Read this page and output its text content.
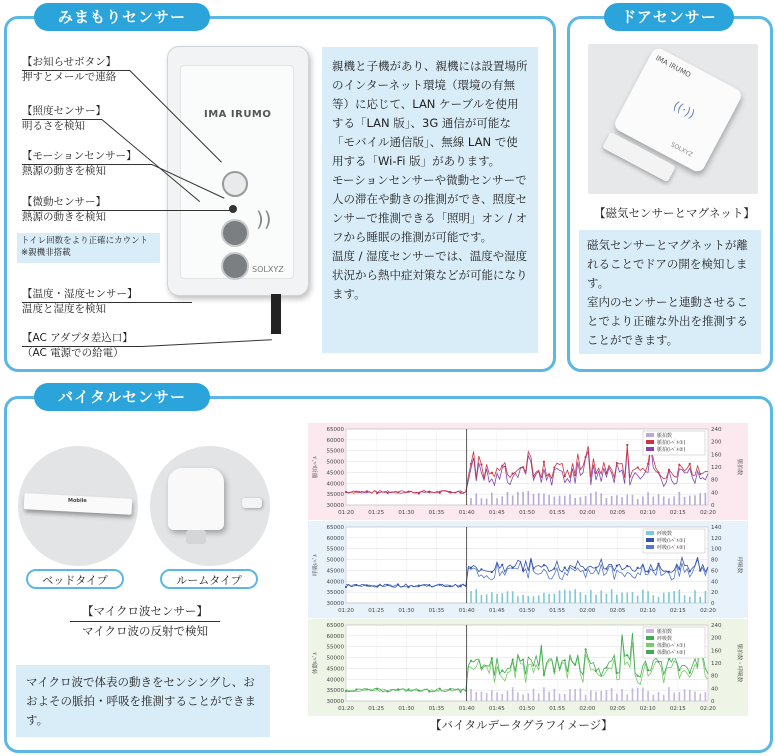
みまもりセンサー
IMA IRUMO
))
SOLXYZ
【お知らせボタン】
押すとメールで連絡
【照度センサー】
明るさを検知
【モーションセンサー】
熱源の動きを検知
【微動センサー】
熱源の動きを検知
トイレ回数をより正確にカウント
※親機非搭載
【温度・湿度センサー】
温度と湿度を検知
【AC アダプタ差込口】
（AC 電源での給電）
親機と子機があり、親機には設置場所のインターネット環境（環境の有無等）に応じて、LAN ケーブルを使用する「LAN 版」、3G 通信が可能な「モバイル通信版」、無線 LAN で使用する「Wi-Fi 版」があります。
モーションセンサーや微動センサーで人の滞在や動きの推測ができ、照度センサーで推測できる「照明」オン / オフから睡眠の推測が可能です。
温度 / 湿度センサーでは、温度や湿度状況から熱中症対策などが可能になります。
ドアセンサー
IMA IRUMO
((·))
SOLXYZ
【磁気センサーとマグネット】
磁気センサーとマグネットが離れることでドアの開を検知します。
室内のセンサーと連動させることでより正確な外出を推測することができます。
バイタルセンサー
Mobile
ベッドタイプ	ルームタイプ
【マイクロ波センサー】
マイクロ波の反射で検知
マイクロ波で体表の動きをセンシングし、おおよその脈拍・呼吸を推測することができます。
30000
35000
40000
45000
50000
55000
60000
65000
0
40
80
120
160
200
240
01:20	01:25	01:30	01:35	01:40	01:45	01:50	01:55	02:00	02:05	02:10	02:15	02:20
脈拍ﾚﾍﾞﾙ	脈拍数
脈拍数
脈拍(ﾚﾍﾞﾙ①)
脈拍(ﾚﾍﾞﾙ②)
30000
35000
40000
45000
50000
55000
60000
65000
0
20
40
60
80
100
120
140
01:20	01:25	01:30	01:35	01:40	01:45	01:50	01:55	02:00	02:05	02:10	02:15	02:20
呼吸ﾚﾍﾞﾙ	呼吸数
呼吸数
呼吸(ﾚﾍﾞﾙ①)
呼吸(ﾚﾍﾞﾙ②)
30000
35000
40000
45000
50000
55000
60000
65000
0
40
80
120
160
200
240
01:20	01:25	01:30	01:35	01:40	01:45	01:50	01:55	02:00	02:05	02:10	02:15	02:20
体動ﾚﾍﾞﾙ	脈拍数・呼吸数
脈拍数
呼吸数
体動(ﾚﾍﾞﾙ①)
体動(ﾚﾍﾞﾙ②)
【バイタルデータグラフイメージ】
